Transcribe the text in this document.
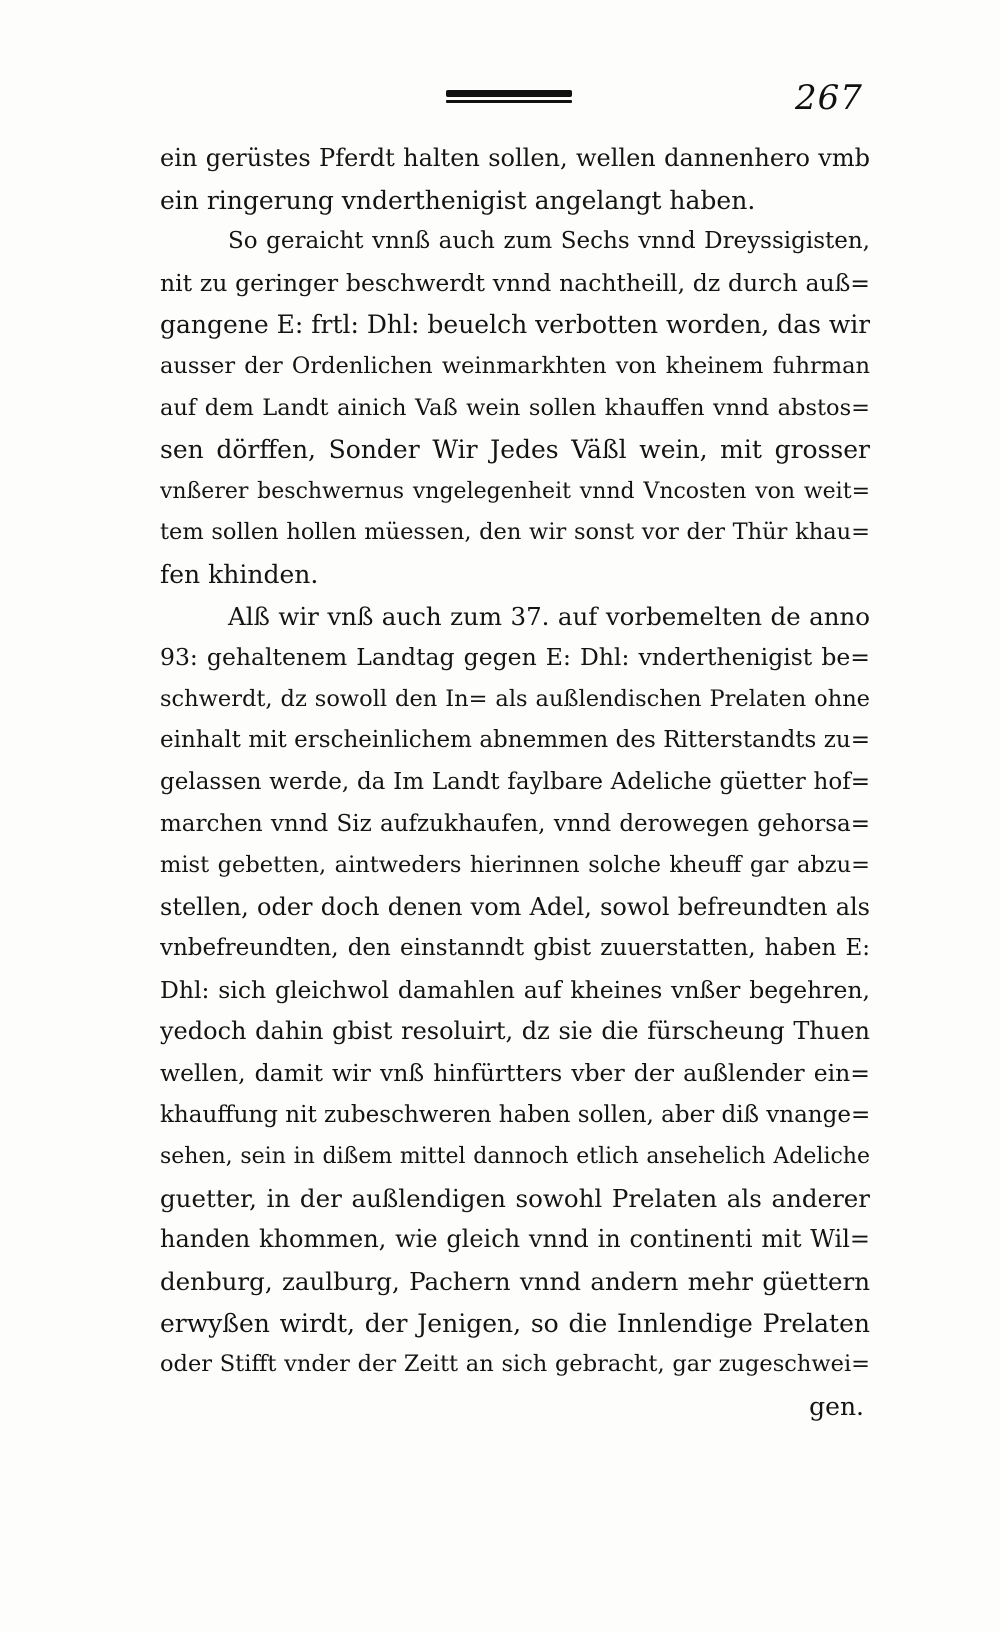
267
ein gerüstes Pferdt halten sollen, wellen dannenhero vmb
ein ringerung vnderthenigist angelangt haben.
So geraicht vnnß auch zum Sechs vnnd Dreyssigisten,
nit zu geringer beschwerdt vnnd nachtheill, dz durch auß=
gangene E: frtl: Dhl: beuelch verbotten worden, das wir
ausser der Ordenlichen weinmarkhten von kheinem fuhrman
auf dem Landt ainich Vaß wein sollen khauffen vnnd abstos=
sen dörffen, Sonder Wir Jedes Väßl wein, mit grosser
vnßerer beschwernus vngelegenheit vnnd Vncosten von weit=
tem sollen hollen müessen, den wir sonst vor der Thür khau=
fen khinden.
Alß wir vnß auch zum 37. auf vorbemelten de anno
93: gehaltenem Landtag gegen E: Dhl: vnderthenigist be=
schwerdt, dz sowoll den In= als außlendischen Prelaten ohne
einhalt mit erscheinlichem abnemmen des Ritterstandts zu=
gelassen werde, da Im Landt faylbare Adeliche güetter hof=
marchen vnnd Siz aufzukhaufen, vnnd derowegen gehorsa=
mist gebetten, aintweders hierinnen solche kheuff gar abzu=
stellen, oder doch denen vom Adel, sowol befreundten als
vnbefreundten, den einstanndt gbist zuuerstatten, haben E:
Dhl: sich gleichwol damahlen auf kheines vnßer begehren,
yedoch dahin gbist resoluirt, dz sie die fürscheung Thuen
wellen, damit wir vnß hinfürtters vber der außlender ein=
khauffung nit zubeschweren haben sollen, aber diß vnange=
sehen, sein in dißem mittel dannoch etlich ansehelich Adeliche
guetter, in der außlendigen sowohl Prelaten als anderer
handen khommen, wie gleich vnnd in continenti mit Wil=
denburg, zaulburg, Pachern vnnd andern mehr güettern
erwyßen wirdt, der Jenigen, so die Innlendige Prelaten
oder Stifft vnder der Zeitt an sich gebracht, gar zugeschwei=
gen.
